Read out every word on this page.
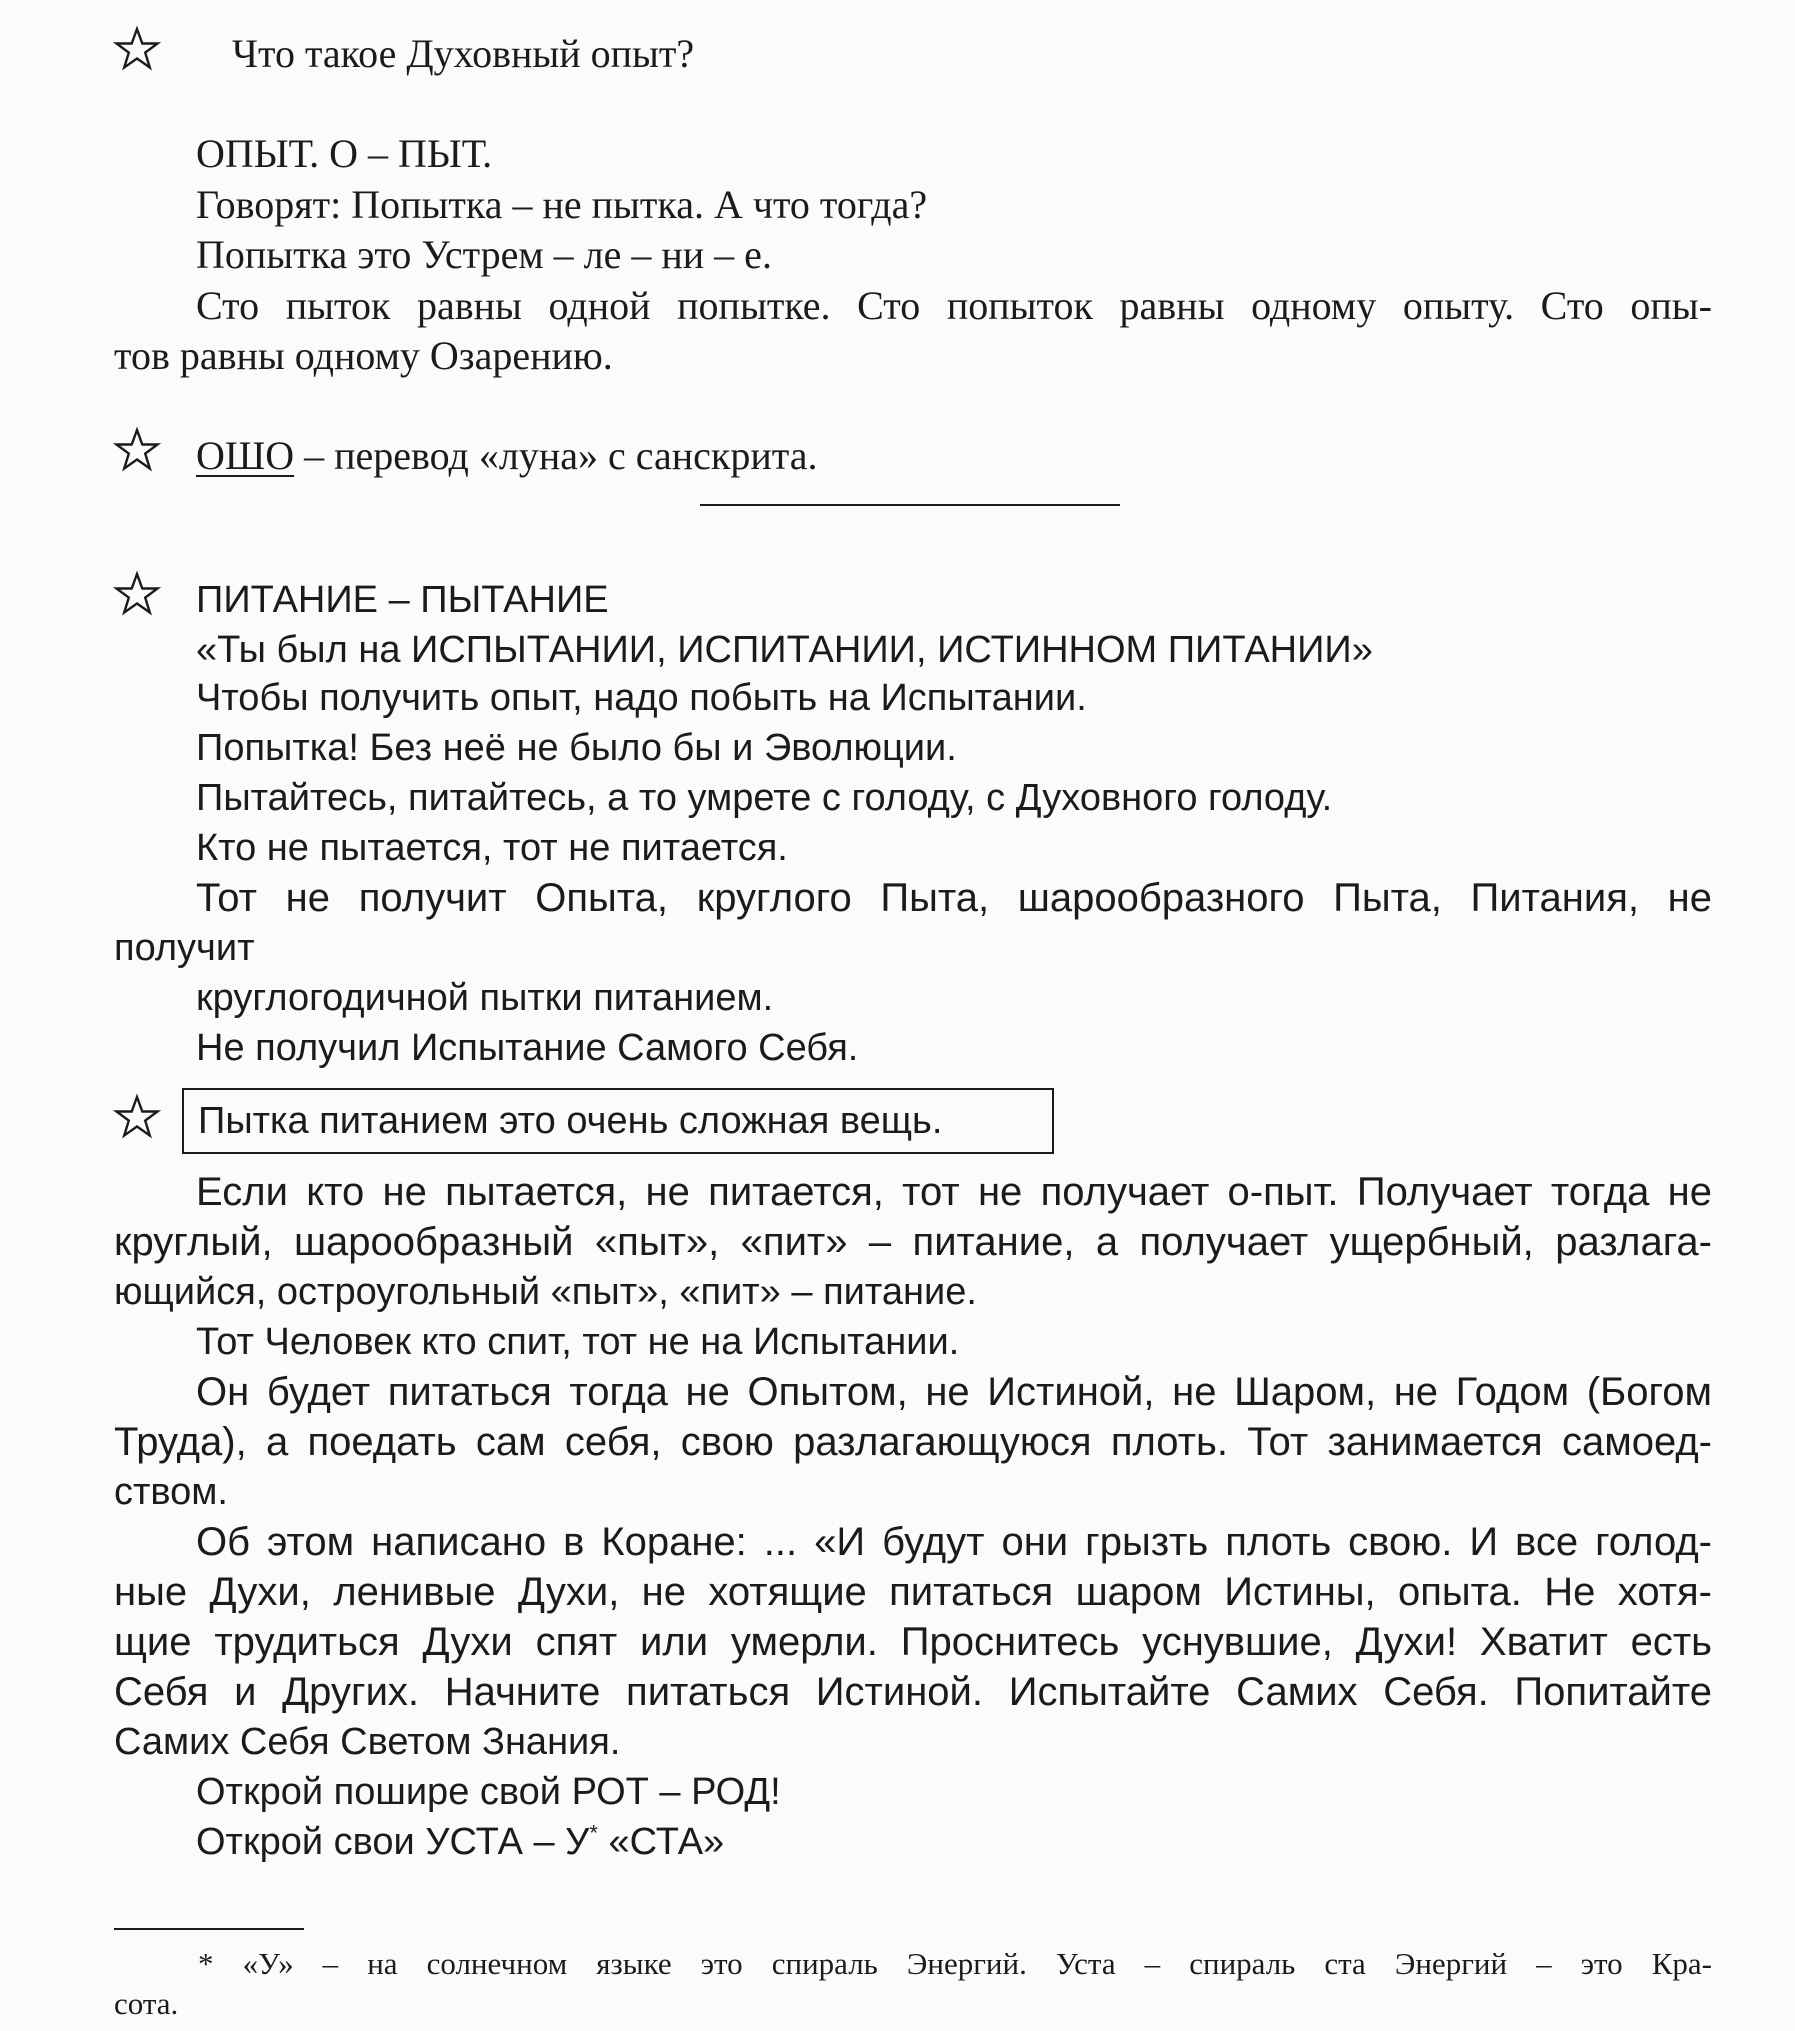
Что такое Духовный опыт?
ОПЫТ. О – ПЫТ.
Говорят: Попытка – не пытка. А что тогда?
Попытка это Устрем – ле – ни – е.
Сто пыток равны одной попытке. Сто попыток равны одному опыту. Сто опы-
тов равны одному Озарению.
ОШО – перевод «луна» с санскрита.
ПИТАНИЕ – ПЫТАНИЕ
«Ты был на ИСПЫТАНИИ, ИСПИТАНИИ, ИСТИННОМ ПИТАНИИ»
Чтобы получить опыт, надо побыть на Испытании.
Попытка! Без неё не было бы и Эволюции.
Пытайтесь, питайтесь, а то умрете с голоду, с Духовного голоду.
Кто не пытается, тот не питается.
Тот не получит Опыта, круглого Пыта, шарообразного Пыта, Питания, не
получит
круглогодичной пытки питанием.
Не получил Испытание Самого Себя.
Пытка питанием это очень сложная вещь.
Если кто не пытается, не питается, тот не получает о-пыт. Получает тогда не
круглый, шарообразный «пыт», «пит» – питание, а получает ущербный, разлага-
ющийся, остроугольный «пыт», «пит» – питание.
Тот Человек кто спит, тот не на Испытании.
Он будет питаться тогда не Опытом, не Истиной, не Шаром, не Годом (Богом
Труда), а поедать сам себя, свою разлагающуюся плоть. Тот занимается самоед-
ством.
Об этом написано в Коране: ... «И будут они грызть плоть свою. И все голод-
ные Духи, ленивые Духи, не хотящие питаться шаром Истины, опыта. Не хотя-
щие трудиться Духи спят или умерли. Проснитесь уснувшие, Духи! Хватит есть
Себя и Других. Начните питаться Истиной. Испытайте Самих Себя. Попитайте
Самих Себя Светом Знания.
Открой пошире свой РОТ – РОД!
Открой свои УСТА – У* «СТА»
* «У» – на солнечном языке это спираль Энергий. Уста – спираль ста Энергий – это Кра-
сота.
